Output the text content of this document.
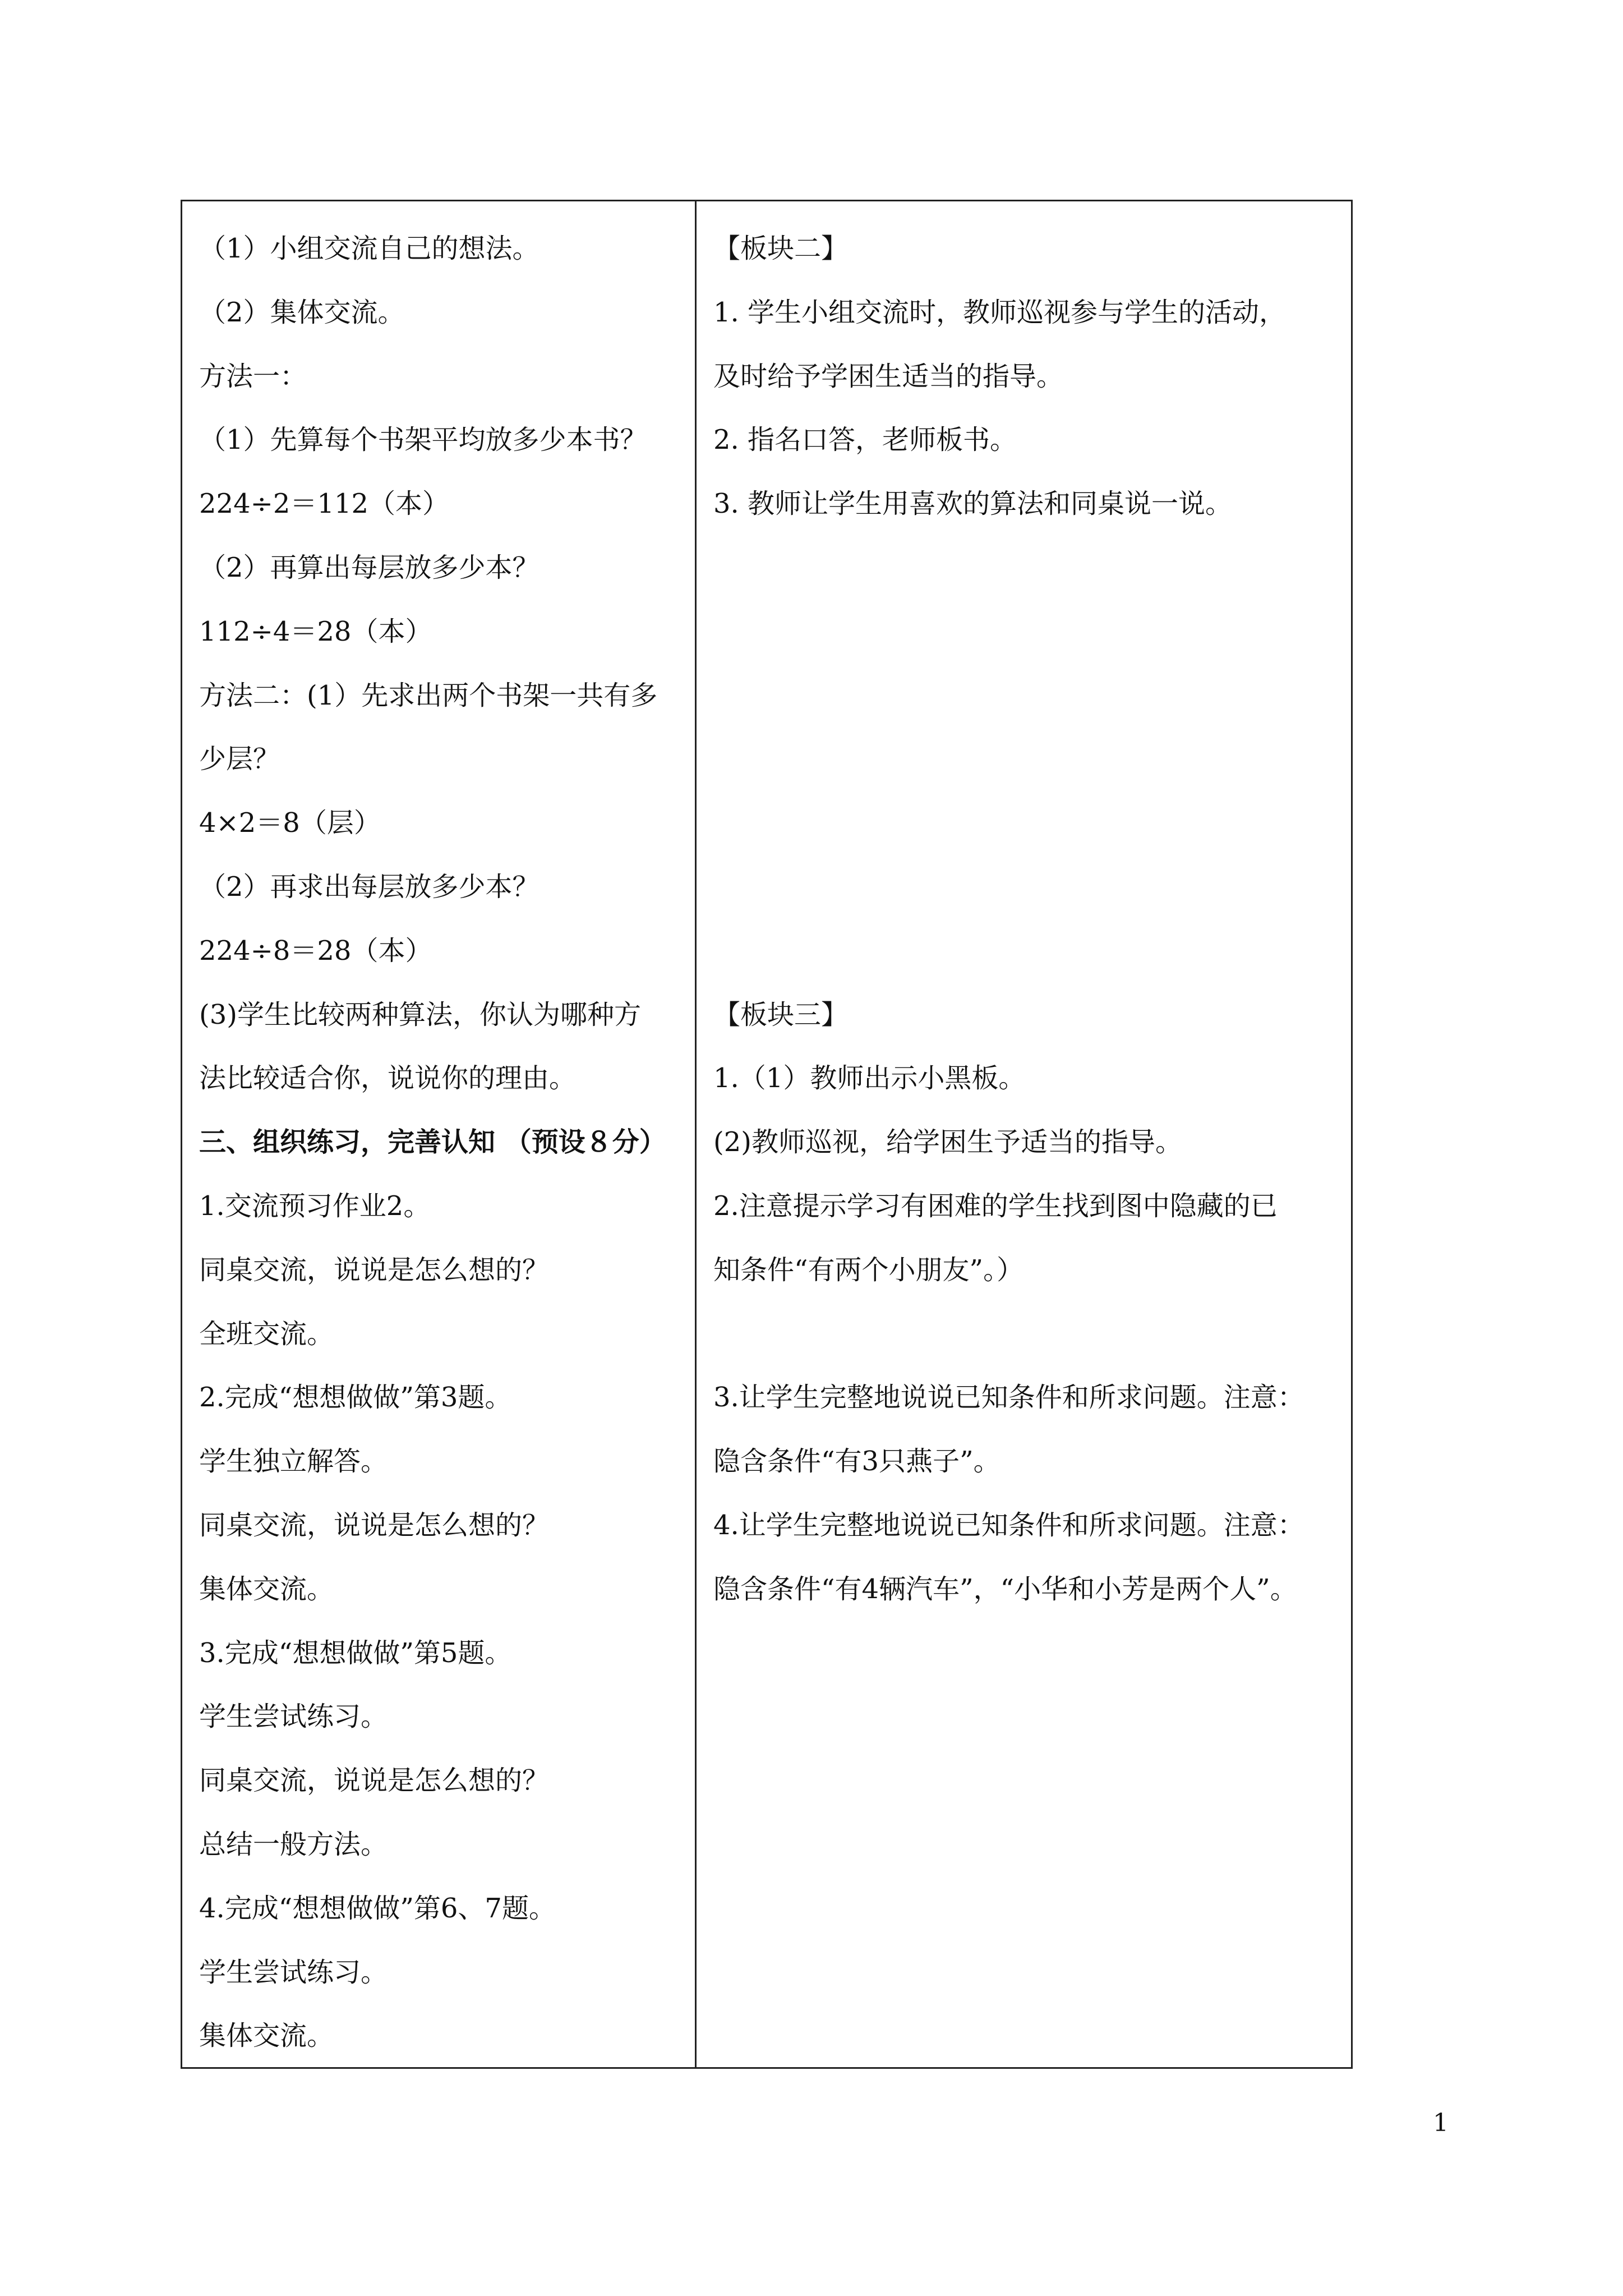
（1）小组交流自己的想法。
（2）集体交流。
方法一：
（1）先算每个书架平均放多少本书？
224÷2＝112（本）
（2）再算出每层放多少本？
112÷4＝28（本）
方法二：(1）先求出两个书架一共有多
少层？
4×2＝8（层）
（2）再求出每层放多少本？
224÷8＝28（本）
(3)学生比较两种算法，你认为哪种方
法比较适合你，说说你的理由。
三、组织练习，完善认知 （预设８分）
1.交流预习作业2。
同桌交流，说说是怎么想的？
全班交流。
2.完成“想想做做”第3题。
学生独立解答。
同桌交流，说说是怎么想的？
集体交流。
3.完成“想想做做”第5题。
学生尝试练习。
同桌交流，说说是怎么想的？
总结一般方法。
4.完成“想想做做”第6、7题。
学生尝试练习。
集体交流。
【板块二】
1. 学生小组交流时，教师巡视参与学生的活动，
及时给予学困生适当的指导。
2. 指名口答，老师板书。
3. 教师让学生用喜欢的算法和同桌说一说。
【板块三】
1.（1）教师出示小黑板。
(2)教师巡视，给学困生予适当的指导。
2.注意提示学习有困难的学生找到图中隐藏的已
知条件“有两个小朋友”。）
3.让学生完整地说说已知条件和所求问题。注意：
隐含条件“有3只燕子”。
4.让学生完整地说说已知条件和所求问题。注意：
隐含条件“有4辆汽车”，“小华和小芳是两个人”。
1
